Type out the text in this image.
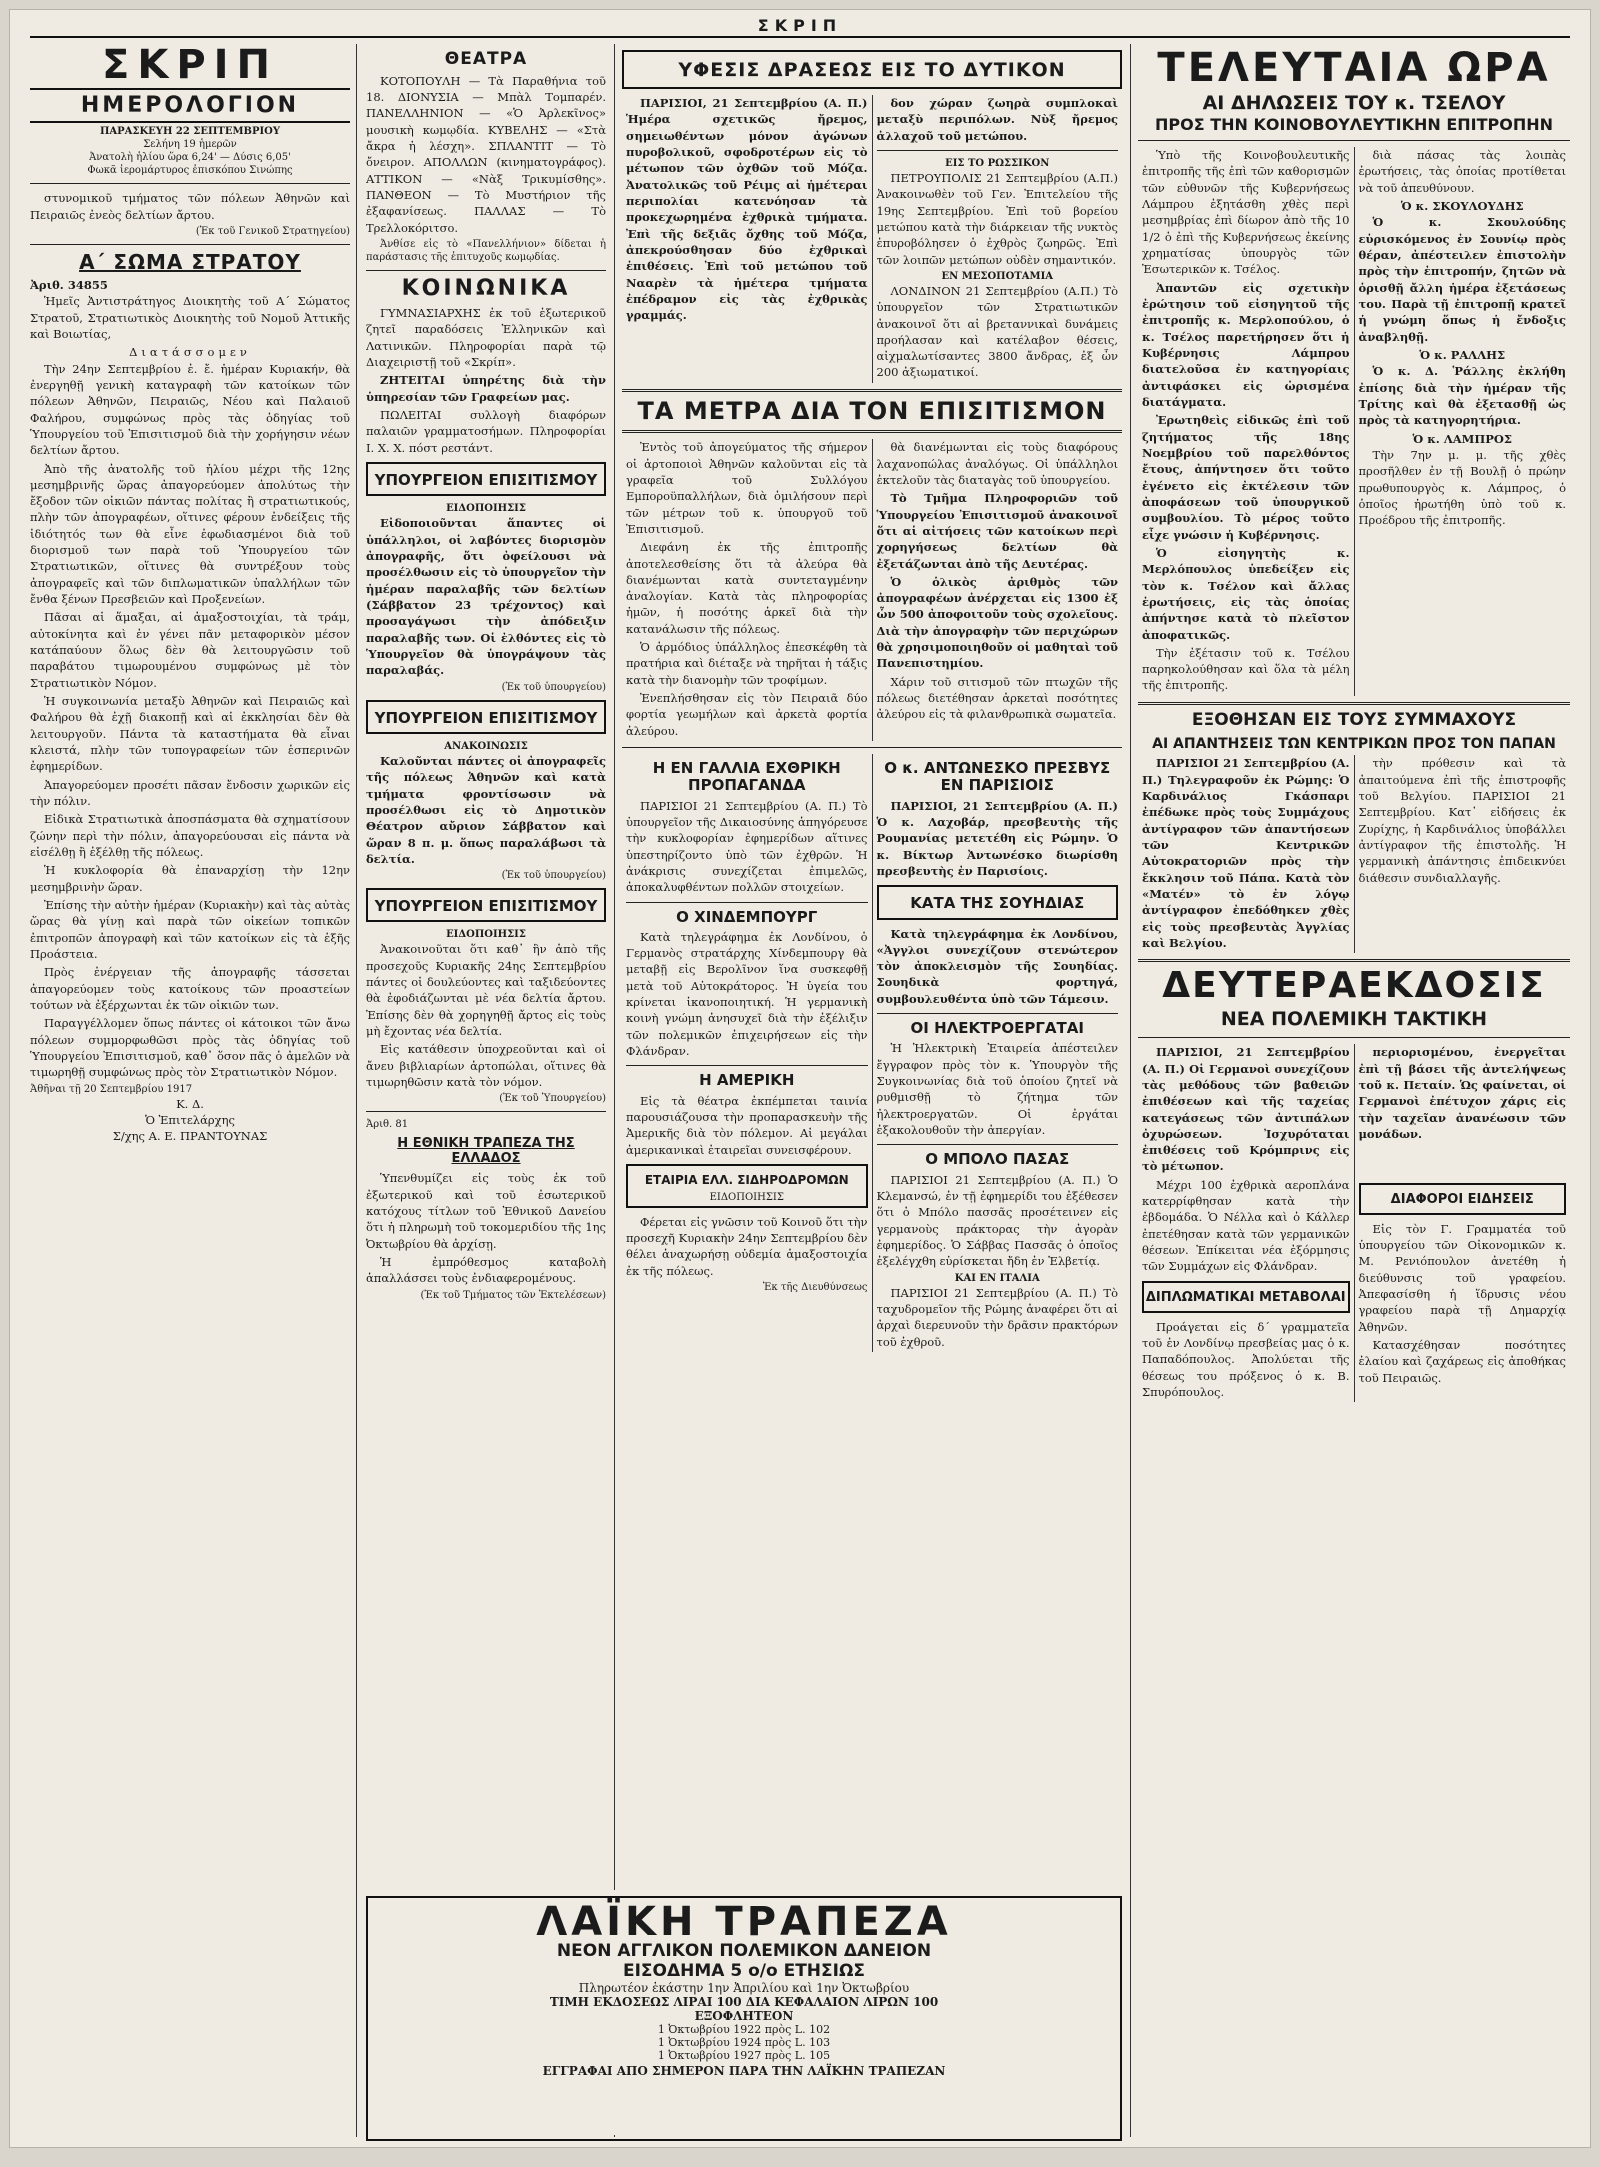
ΣΚΡΙΠ
ΣΚΡΙΠ
ΗΜΕΡΟΛΟΓΙΟΝ
ΠΑΡΑΣΚΕΥΗ 22 ΣΕΠΤΕΜΒΡΙΟΥ
Σελήνη 19 ἡμερῶν
Ἀνατολὴ ἡλίου ὥρα 6,24' — Δύσις 6,05'
Φωκᾶ ἱερομάρτυρος ἐπισκόπου Σινώπης

στυνομικοῦ τμήματος τῶν πόλεων Ἀθηνῶν καὶ Πειραιῶς ἐνεὸς δελτίων ἄρτου.

(Ἐκ τοῦ Γενικοῦ Στρατηγείου)
Α΄ ΣΩΜΑ ΣΤΡΑΤΟΥ
Ἀριθ. 34855

Ἡμεῖς Ἀντιστράτηγος Διοικητὴς τοῦ Α΄ Σώματος Στρατοῦ, Στρατιωτικὸς Διοικητὴς τοῦ Νομοῦ Ἀττικῆς καὶ Βοιωτίας,

Διατάσσομεν

Τὴν 24ην Σεπτεμβρίου ἐ. ἔ. ἡμέραν Κυριακήν, θὰ ἐνεργηθῇ γενικὴ καταγραφὴ τῶν κατοίκων τῶν πόλεων Ἀθηνῶν, Πειραιῶς, Νέου καὶ Παλαιοῦ Φαλήρου, συμφώνως πρὸς τὰς ὁδηγίας τοῦ Ὑπουργείου τοῦ Ἐπισιτισμοῦ διὰ τὴν χορήγησιν νέων δελτίων ἄρτου.

Ἀπὸ τῆς ἀνατολῆς τοῦ ἡλίου μέχρι τῆς 12ης μεσημβρινῆς ὥρας ἀπαγορεύομεν ἀπολύτως τὴν ἔξοδον τῶν οἰκιῶν πάντας πολίτας ἢ στρατιωτικούς, πλὴν τῶν ἀπογραφέων, οἵτινες φέρουν ἐνδείξεις τῆς ἰδιότητός των θὰ εἶνε ἐφωδιασμένοι διὰ τοῦ διορισμοῦ των παρὰ τοῦ Ὑπουργείου τῶν Στρατιωτικῶν, οἵτινες θὰ συντρέξουν τοὺς ἀπογραφεῖς καὶ τῶν διπλωματικῶν ὑπαλλήλων τῶν ἔνθα ξένων Πρεσβειῶν καὶ Προξενείων.

Πᾶσαι αἱ ἅμαξαι, αἱ ἁμαξοστοιχίαι, τὰ τράμ, αὐτοκίνητα καὶ ἐν γένει πᾶν μεταφορικὸν μέσον κατάπαύουν ὅλως δὲν θὰ λειτουργῶσιν τοῦ παραβάτου τιμωρουμένου συμφώνως μὲ τὸν Στρατιωτικὸν Νόμον.

Ἡ συγκοινωνία μεταξὺ Ἀθηνῶν καὶ Πειραιῶς καὶ Φαλήρου θὰ ἐχῇ διακοπῇ καὶ αἱ ἐκκλησίαι δὲν θὰ λειτουργοῦν. Πάντα τὰ καταστήματα θὰ εἶναι κλειστά, πλὴν τῶν τυπογραφείων τῶν ἑσπερινῶν ἐφημερίδων.

Ἀπαγορεύομεν προσέτι πᾶσαν ἔνδοσιν χωρικῶν εἰς τὴν πόλιν.

Εἰδικὰ Στρατιωτικὰ ἀποσπάσματα θὰ σχηματίσουν ζώνην περὶ τὴν πόλιν, ἀπαγορεύουσαι εἰς πάντα νὰ εἰσέλθῃ ἢ ἐξέλθῃ τῆς πόλεως.

Ἡ κυκλοφορία θὰ ἐπαναρχίσῃ τὴν 12ην μεσημβρινὴν ὥραν.

Ἐπίσης τὴν αὐτὴν ἡμέραν (Κυριακὴν) καὶ τὰς αὐτὰς ὥρας θὰ γίνῃ καὶ παρὰ τῶν οἰκείων τοπικῶν ἐπιτροπῶν ἀπογραφὴ καὶ τῶν κατοίκων εἰς τὰ ἑξῆς Προάστεια.

Πρὸς ἐνέργειαν τῆς ἀπογραφῆς τάσσεται ἀπαγορεύομεν τοὺς κατοίκους τῶν προαστείων τούτων νὰ ἐξέρχωνται ἐκ τῶν οἰκιῶν των.

Παραγγέλλομεν ὅπως πάντες οἱ κάτοικοι τῶν ἄνω πόλεων συμμορφωθῶσι πρὸς τὰς ὁδηγίας τοῦ Ὑπουργείου Ἐπισιτισμοῦ, καθ᾿ ὅσον πᾶς ὁ ἀμελῶν νὰ τιμωρηθῇ συμφώνως πρὸς τὸν Στρατιωτικὸν Νόμον.

Ἀθῆναι τῇ 20 Σεπτεμβρίου 1917
Κ. Δ.
Ὁ Ἐπιτελάρχης
Σ/χης Α. Ε. ΠΡΑΝΤΟΥΝΑΣ
ΘΕΑΤΡΑ

ΚΟΤΟΠΟΥΛΗ — Τὰ Παραθήνια τοῦ 18. ΔΙΟΝΥΣΙΑ — Μπὰλ Τομπαρέν. ΠΑΝΕΛΛΗΝΙΟΝ — «Ὁ Ἀρλεκῖνος» μουσικὴ κωμῳδία. ΚΥΒΕΛΗΣ — «Στὰ ἄκρα ἡ λέσχη». ΣΠΛΑΝΤΙΤ — Τὸ ὄνειρον. ΑΠΟΛΛΩΝ (κινηματογράφος). ΑΤΤΙΚΟΝ — «Νὰξ Τρικυμίσθης». ΠΑΝΘΕΟΝ — Τὸ Μυστήριον τῆς ἐξαφανίσεως. ΠΑΛΛΑΣ — Τὸ Τρελλοκόριτσο.

Ἀνθίσε εἰς τὸ «Πανελλήνιον» δίδεται ἡ παράστασις τῆς ἐπιτυχοῦς κωμῳδίας.

ΚΟΙΝΩΝΙΚΑ

ΓΥΜΝΑΣΙΑΡΧΗΣ ἐκ τοῦ ἐξωτερικοῦ ζητεῖ παραδόσεις Ἑλληνικῶν καὶ Λατινικῶν. Πληροφορίαι παρὰ τῷ Διαχειριστῇ τοῦ «Σκρίπ».

ΖΗΤΕΙΤΑΙ ὑπηρέτης διὰ τὴν ὑπηρεσίαν τῶν Γραφείων μας.

ΠΩΛΕΙΤΑΙ συλλογὴ διαφόρων παλαιῶν γραμματοσήμων. Πληροφορίαι Ι. Χ. Χ. πόστ ρεστάντ.

ΥΠΟΥΡΓΕΙΟΝ ΕΠΙΣΙΤΙΣΜΟΥ
ΕΙΔΟΠΟΙΗΣΙΣ

Εἰδοποιοῦνται ἅπαντες οἱ ὑπάλληλοι, οἱ λαβόντες διορισμὸν ἀπογραφῆς, ὅτι ὀφείλουσι νὰ προσέλθωσιν εἰς τὸ ὑπουργεῖον τὴν ἡμέραν παραλαβῆς τῶν δελτίων (Σάββατον 23 τρέχοντος) καὶ προσαγάγωσι τὴν ἀπόδειξιν παραλαβῆς των. Οἱ ἐλθόντες εἰς τὸ Ὑπουργεῖον θὰ ὑπογράψουν τὰς παραλαβάς.

(Ἐκ τοῦ ὑπουργείου)
ΥΠΟΥΡΓΕΙΟΝ ΕΠΙΣΙΤΙΣΜΟΥ
ΑΝΑΚΟΙΝΩΣΙΣ

Καλοῦνται πάντες οἱ ἀπογραφεῖς τῆς πόλεως Ἀθηνῶν καὶ κατὰ τμήματα φροντίσωσιν νὰ προσέλθωσι εἰς τὸ Δημοτικὸν Θέατρον αὔριον Σάββατον καὶ ὥραν 8 π. μ. ὅπως παραλάβωσι τὰ δελτία.

(Ἐκ τοῦ ὑπουργείου)
ΥΠΟΥΡΓΕΙΟΝ ΕΠΙΣΙΤΙΣΜΟΥ
ΕΙΔΟΠΟΙΗΣΙΣ

Ἀνακοινοῦται ὅτι καθ᾿ ἣν ἀπὸ τῆς προσεχοῦς Κυριακῆς 24ης Σεπτεμβρίου πάντες οἱ δουλεύοντες καὶ ταξιδεύοντες θὰ ἐφοδιάζωνται μὲ νέα δελτία ἄρτου. Ἐπίσης δὲν θὰ χορηγηθῇ ἄρτος εἰς τοὺς μὴ ἔχοντας νέα δελτία.

Εἰς κατάθεσιν ὑποχρεοῦνται καὶ οἱ ἄνευ βιβλιαρίων ἀρτοπώλαι, οἵτινες θὰ τιμωρηθῶσιν κατὰ τὸν νόμον.

(Ἐκ τοῦ Ὑπουργείου)
Ἀριθ. 81
Η ΕΘΝΙΚΗ ΤΡΑΠΕΖΑ ΤΗΣ ΕΛΛΑΔΟΣ

Ὑπενθυμίζει εἰς τοὺς ἐκ τοῦ ἐξωτερικοῦ καὶ τοῦ ἐσωτερικοῦ κατόχους τίτλων τοῦ Ἐθνικοῦ Δανείου ὅτι ἡ πληρωμὴ τοῦ τοκομεριδίου τῆς 1ης Ὀκτωβρίου θὰ ἀρχίσῃ.

Ἡ ἐμπρόθεσμος καταβολὴ ἀπαλλάσσει τοὺς ἐνδιαφερομένους.

(Ἐκ τοῦ Τμήματος τῶν Ἐκτελέσεων)
ΥΦΕΣΙΣ ΔΡΑΣΕΩΣ ΕΙΣ ΤΟ ΔΥΤΙΚΟΝ

ΠΑΡΙΣΙΟΙ, 21 Σεπτεμβρίου (Α. Π.) Ἡμέρα σχετικῶς ἤρεμος, σημειωθέντων μόνον ἀγώνων πυροβολικοῦ, σφοδροτέρων εἰς τὸ μέτωπον τῶν ὀχθῶν τοῦ Μόζα. Ἀνατολικῶς τοῦ Ρέιμς αἱ ἡμέτεραι περιπολίαι κατενόησαν τὰ προκεχωρημένα ἐχθρικὰ τμήματα. Ἐπὶ τῆς δεξιᾶς ὄχθης τοῦ Μόζα, ἀπεκρούσθησαν δύο ἐχθρικαὶ ἐπιθέσεις. Ἐπὶ τοῦ μετώπου τοῦ Νααρὲν τὰ ἡμέτερα τμήματα ἐπέδραμον εἰς τὰς ἐχθρικὰς γραμμάς.

δον χώραν ζωηρὰ συμπλοκαὶ μεταξὺ περιπόλων. Νὺξ ἤρεμος ἀλλαχοῦ τοῦ μετώπου.

ΕΙΣ ΤΟ ΡΩΣΣΙΚΟΝ

ΠΕΤΡΟΥΠΟΛΙΣ 21 Σεπτεμβρίου (Α.Π.) Ἀνακοινωθὲν τοῦ Γεν. Ἐπιτελείου τῆς 19ης Σεπτεμβρίου. Ἐπὶ τοῦ βορείου μετώπου κατὰ τὴν διάρκειαν τῆς νυκτὸς ἐπυροβόλησεν ὁ ἐχθρὸς ζωηρῶς. Ἐπὶ τῶν λοιπῶν μετώπων οὐδὲν σημαντικόν.

ΕΝ ΜΕΣΟΠΟΤΑΜΙΑ

ΛΟΝΔΙΝΟΝ 21 Σεπτεμβρίου (Α.Π.) Τὸ ὑπουργεῖον τῶν Στρατιωτικῶν ἀνακοινοῖ ὅτι αἱ βρεταννικαὶ δυνάμεις προήλασαν καὶ κατέλαβον θέσεις, αἰχμαλωτίσαντες 3800 ἄνδρας, ἐξ ὧν 200 ἀξιωματικοί.

ΤΑ ΜΕΤΡΑ ΔΙΑ ΤΟΝ ΕΠΙΣΙΤΙΣΜΟΝ

Ἐντὸς τοῦ ἀπογεύματος τῆς σήμερον οἱ ἀρτοποιοὶ Ἀθηνῶν καλοῦνται εἰς τὰ γραφεῖα τοῦ Συλλόγου Εμποροϋπαλλήλων, διὰ ὁμιλήσουν περὶ τῶν μέτρων τοῦ κ. ὑπουργοῦ τοῦ Ἐπισιτισμοῦ.

Διεφάνη ἐκ τῆς ἐπιτροπῆς ἀποτελεσθείσης ὅτι τὰ ἀλεύρα θὰ διανέμωνται κατὰ συντεταγμένην ἀναλογίαν. Κατὰ τὰς πληροφορίας ἡμῶν, ἡ ποσότης ἀρκεῖ διὰ τὴν κατανάλωσιν τῆς πόλεως.

Ὁ ἁρμόδιος ὑπάλληλος ἐπεσκέφθη τὰ πρατήρια καὶ διέταξε νὰ τηρῆται ἡ τάξις κατὰ τὴν διανομὴν τῶν τροφίμων.

Ἐνεπλήσθησαν εἰς τὸν Πειραιᾶ δύο φορτία γεωμήλων καὶ ἀρκετὰ φορτία ἀλεύρου.

θὰ διανέμωνται εἰς τοὺς διαφόρους λαχανοπώλας ἀναλόγως. Οἱ ὑπάλληλοι ἐκτελοῦν τὰς διαταγὰς τοῦ ὑπουργείου.

Τὸ Τμῆμα Πληροφοριῶν τοῦ Ὑπουργείου Ἐπισιτισμοῦ ἀνακοινοῖ ὅτι αἱ αἰτήσεις τῶν κατοίκων περὶ χορηγήσεως δελτίων θὰ ἐξετάζωνται ἀπὸ τῆς Δευτέρας.

Ὁ ὁλικὸς ἀριθμὸς τῶν ἀπογραφέων ἀνέρχεται εἰς 1300 ἐξ ὧν 500 ἀποφοιτοῦν τοὺς σχολεῖους. Διὰ τὴν ἀπογραφὴν τῶν περιχώρων θὰ χρησιμοποιηθοῦν οἱ μαθηταὶ τοῦ Πανεπιστημίου.

Χάριν τοῦ σιτισμοῦ τῶν πτωχῶν τῆς πόλεως διετέθησαν ἀρκεταὶ ποσότητες ἀλεύρου εἰς τὰ φιλανθρωπικὰ σωματεῖα.

Η ΕΝ ΓΑΛΛΙΑ ΕΧΘΡΙΚΗ ΠΡΟΠΑΓΑΝΔΑ

ΠΑΡΙΣΙΟΙ 21 Σεπτεμβρίου (Α. Π.) Τὸ ὑπουργεῖον τῆς Δικαιοσύνης ἀπηγόρευσε τὴν κυκλοφορίαν ἐφημερίδων αἵτινες ὑπεστηρίζοντο ὑπὸ τῶν ἐχθρῶν. Ἡ ἀνάκρισις συνεχίζεται ἐπιμελῶς, ἀποκαλυφθέντων πολλῶν στοιχείων.

Ο ΧΙΝΔΕΜΠΟΥΡΓ

Κατὰ τηλεγράφημα ἐκ Λονδίνου, ὁ Γερμανὸς στρατάρχης Χίνδεμπουργ θὰ μεταβῇ εἰς Βερολῖνον ἵνα συσκεφθῇ μετὰ τοῦ Αὐτοκράτορος. Ἡ ὑγεία του κρίνεται ἱκανοποιητική. Ἡ γερμανικὴ κοινὴ γνώμη ἀνησυχεῖ διὰ τὴν ἐξέλιξιν τῶν πολεμικῶν ἐπιχειρήσεων εἰς τὴν Φλάνδραν.

Η ΑΜΕΡΙΚΗ

Εἰς τὰ θέατρα ἐκπέμπεται ταινία παρουσιάζουσα τὴν προπαρασκευὴν τῆς Ἀμερικῆς διὰ τὸν πόλεμον. Αἱ μεγάλαι ἀμερικανικαὶ ἐταιρεῖαι συνεισφέρουν.

ΕΤΑΙΡΙΑ ΕΛΛ. ΣΙΔΗΡΟΔΡΟΜΩΝ
ΕΙΔΟΠΟΙΗΣΙΣ

Φέρεται εἰς γνῶσιν τοῦ Κοινοῦ ὅτι τὴν προσεχῆ Κυριακὴν 24ην Σεπτεμβρίου δὲν θέλει ἀναχωρήσῃ οὐδεμία ἁμαξοστοιχία ἐκ τῆς πόλεως.

Ἐκ τῆς Διευθύνσεως
Ο κ. ΑΝΤΩΝΕΣΚΟ ΠΡΕΣΒΥΣ ΕΝ ΠΑΡΙΣΙΟΙΣ

ΠΑΡΙΣΙΟΙ, 21 Σεπτεμβρίου (Α. Π.) Ὁ κ. Λαχοβάρ, πρεσβευτὴς τῆς Ρουμανίας μετετέθη εἰς Ρώμην. Ὁ κ. Βίκτωρ Ἀντωνέσκο διωρίσθη πρεσβευτὴς ἐν Παρισίοις.

ΚΑΤΑ ΤΗΣ ΣΟΥΗΔΙΑΣ

Κατὰ τηλεγράφημα ἐκ Λονδίνου, «Ἀγγλοι συνεχίζουν στενώτερον τὸν ἀποκλεισμὸν τῆς Σουηδίας. Σουηδικὰ φορτηγά, συμβουλευθέντα ὑπὸ τῶν Τάμεσιν.

ΟΙ ΗΛΕΚΤΡΟΕΡΓΑΤΑΙ

Ἡ Ἠλεκτρικὴ Ἑταιρεία ἀπέστειλεν ἔγγραφον πρὸς τὸν κ. Ὑπουργὸν τῆς Συγκοινωνίας διὰ τοῦ ὁποίου ζητεῖ νὰ ρυθμισθῇ τὸ ζήτημα τῶν ἠλεκτροεργατῶν. Οἱ ἐργάται ἐξακολουθοῦν τὴν ἀπεργίαν.

Ο ΜΠΟΛΟ ΠΑΣΑΣ

ΠΑΡΙΣΙΟΙ 21 Σεπτεμβρίου (Α. Π.) Ὁ Κλεμανσώ, ἐν τῇ ἐφημερίδι του ἐξέθεσεν ὅτι ὁ Μπόλο πασσᾶς προσέτεινεν εἰς γερμανοὺς πράκτορας τὴν ἀγορὰν ἐφημερίδος. Ὁ Σάββας Πασσᾶς ὁ ὁποῖος ἐξελέγχθη εὑρίσκεται ἤδη ἐν Ἑλβετίᾳ.

ΚΑΙ ΕΝ ΙΤΑΛΙΑ

ΠΑΡΙΣΙΟΙ 21 Σεπτεμβρίου (Α. Π.) Τὸ ταχυδρομεῖον τῆς Ρώμης ἀναφέρει ὅτι αἱ ἀρχαὶ διερευνοῦν τὴν δρᾶσιν πρακτόρων τοῦ ἐχθροῦ.

ΛΑΪΚΗ ΤΡΑΠΕΖΑ
ΝΕΟΝ ΑΓΓΛΙΚΟΝ ΠΟΛΕΜΙΚΟΝ ΔΑΝΕΙΟΝ
ΕΙΣΟΔΗΜΑ 5 ο/ο ΕΤΗΣΙΩΣ
Πληρωτέον ἑκάστην 1ην Ἀπριλίου καὶ 1ην Ὀκτωβρίου
ΤΙΜΗ ΕΚΔΟΣΕΩΣ ΛΙΡΑΙ 100 ΔΙΑ ΚΕΦΑΛΑΙΟΝ ΛΙΡΩΝ 100
ΕΞΟΦΛΗΤΕΟΝ
1 Ὀκτωβρίου 1922 πρὸς L. 102
1 Ὀκτωβρίου 1924 πρὸς L. 103
1 Ὀκτωβρίου 1927 πρὸς L. 105
ΕΓΓΡΑΦΑΙ ΑΠΟ ΣΗΜΕΡΟΝ ΠΑΡΑ ΤΗΝ ΛΑΪΚΗΝ ΤΡΑΠΕΖΑΝ
ΤΕΛΕΥΤΑΙΑ ΩΡΑ
ΑΙ ΔΗΛΩΣΕΙΣ ΤΟΥ κ. ΤΣΕΛΟΥ
ΠΡΟΣ ΤΗΝ ΚΟΙΝΟΒΟΥΛΕΥΤΙΚΗΝ ΕΠΙΤΡΟΠΗΝ

Ὑπὸ τῆς Κοινοβουλευτικῆς ἐπιτροπῆς τῆς ἐπὶ τῶν καθορισμῶν τῶν εὐθυνῶν τῆς Κυβερνήσεως Λάμπρου ἐξητάσθη χθὲς περὶ μεσημβρίας ἐπὶ δίωρον ἀπὸ τῆς 10 1/2 ὁ ἐπὶ τῆς Κυβερνήσεως ἐκείνης χρηματίσας ὑπουργὸς τῶν Ἐσωτερικῶν κ. Τσέλος.

Ἀπαντῶν εἰς σχετικὴν ἐρώτησιν τοῦ εἰσηγητοῦ τῆς ἐπιτροπῆς κ. Μερλοπούλου, ὁ κ. Τσέλος παρετήρησεν ὅτι ἡ Κυβέρνησις Λάμπρου διατελοῦσα ἐν κατηγορίαις ἀντιφάσκει εἰς ὡρισμένα διατάγματα.

Ἐρωτηθεὶς εἰδικῶς ἐπὶ τοῦ ζητήματος τῆς 18ης Νοεμβρίου τοῦ παρελθόντος ἔτους, ἀπήντησεν ὅτι τοῦτο ἐγένετο εἰς ἐκτέλεσιν τῶν ἀποφάσεων τοῦ ὑπουργικοῦ συμβουλίου. Τὸ μέρος τοῦτο εἶχε γνώσιν ἡ Κυβέρνησις.

Ὁ εἰσηγητὴς κ. Μερλόπουλος ὑπεδείξεν εἰς τὸν κ. Τσέλον καὶ ἄλλας ἐρωτήσεις, εἰς τὰς ὁποίας ἀπήντησε κατὰ τὸ πλεῖστον ἀποφατικῶς.

Τὴν ἐξέτασιν τοῦ κ. Τσέλου παρηκολούθησαν καὶ ὅλα τὰ μέλη τῆς ἐπιτροπῆς.

διὰ πάσας τὰς λοιπὰς ἐρωτήσεις, τὰς ὁποίας προτίθεται νὰ τοῦ ἀπευθύνουν.

Ὁ κ. ΣΚΟΥΛΟΥΔΗΣ

Ὁ κ. Σκουλούδης εὑρισκόμενος ἐν Σουνίῳ πρὸς θέραν, ἀπέστειλεν ἐπιστολὴν πρὸς τὴν ἐπιτροπήν, ζητῶν νὰ ὁρισθῇ ἄλλη ἡμέρα ἐξετάσεως του. Παρὰ τῇ ἐπιτροπῇ κρατεῖ ἡ γνώμη ὅπως ἡ ἔνδοξις ἀναβληθῇ.

Ὁ κ. ΡΑΛΛΗΣ

Ὁ κ. Δ. Ῥάλλης ἐκλήθη ἐπίσης διὰ τὴν ἡμέραν τῆς Τρίτης καὶ θὰ ἐξετασθῇ ὡς πρὸς τὰ κατηγορητήρια.

Ὁ κ. ΛΑΜΠΡΟΣ

Τὴν 7ην μ. μ. τῆς χθὲς προσῆλθεν ἐν τῇ Βουλῇ ὁ πρώην πρωθυπουργὸς κ. Λάμπρος, ὁ ὁποῖος ἠρωτήθη ὑπὸ τοῦ κ. Προέδρου τῆς ἐπιτροπῆς.

ΕΞΟΘΗΣΑΝ ΕΙΣ ΤΟΥΣ ΣΥΜΜΑΧΟΥΣ
ΑΙ ΑΠΑΝΤΗΣΕΙΣ ΤΩΝ ΚΕΝΤΡΙΚΩΝ ΠΡΟΣ ΤΟΝ ΠΑΠΑΝ

ΠΑΡΙΣΙΟΙ 21 Σεπτεμβρίου (Α. Π.) Τηλεγραφοῦν ἐκ Ρώμης: Ὁ Καρδινάλιος Γκάσπαρι ἐπέδωκε πρὸς τοὺς Συμμάχους ἀντίγραφον τῶν ἀπαντήσεων τῶν Κεντρικῶν Αὐτοκρατοριῶν πρὸς τὴν ἔκκλησιν τοῦ Πάπα. Κατὰ τὸν «Ματέν» τὸ ἐν λόγῳ ἀντίγραφον ἐπεδόθηκεν χθὲς εἰς τοὺς πρεσβευτὰς Ἀγγλίας καὶ Βελγίου.

τὴν πρόθεσιν καὶ τὰ ἀπαιτούμενα ἐπὶ τῆς ἐπιστροφῆς τοῦ Βελγίου. ΠΑΡΙΣΙΟΙ 21 Σεπτεμβρίου. Κατ᾿ εἰδήσεις ἐκ Ζυρίχης, ἡ Καρδινάλιος ὑποβάλλει ἀντίγραφον τῆς ἐπιστολῆς. Ἡ γερμανικὴ ἀπάντησις ἐπιδεικνύει διάθεσιν συνδιαλλαγῆς.

ΔΕΥΤΕΡΑΕΚΔΟΣΙΣ
ΝΕΑ ΠΟΛΕΜΙΚΗ ΤΑΚΤΙΚΗ

ΠΑΡΙΣΙΟΙ, 21 Σεπτεμβρίου (Α. Π.) Οἱ Γερμανοὶ συνεχίζουν τὰς μεθόδους τῶν βαθειῶν ἐπιθέσεων καὶ τῆς ταχείας κατεγάσεως τῶν ἀντιπάλων ὀχυρώσεων. Ἰσχυρόταται ἐπιθέσεις τοῦ Κρόμπρινς εἰς τὸ μέτωπον.

περιορισμένου, ἐνεργεῖται ἐπὶ τῇ βάσει τῆς ἀντελήψεως τοῦ κ. Πεταίν. Ὡς φαίνεται, οἱ Γερμανοὶ ἐπέτυχον χάρις εἰς τὴν ταχεῖαν ἀνανέωσιν τῶν μονάδων.

Μέχρι 100 ἐχθρικὰ αεροπλάνα κατερρίφθησαν κατὰ τὴν ἐβδομάδα. Ὁ Νέλλα καὶ ὁ Κάλλερ ἐπετέθησαν κατὰ τῶν γερμανικῶν θέσεων. Ἐπίκειται νέα ἐξόρμησις τῶν Συμμάχων εἰς Φλάνδραν.

ΔΙΠΛΩΜΑΤΙΚΑΙ ΜΕΤΑΒΟΛΑΙ

Προάγεται εἰς δ΄ γραμματεῖα τοῦ ἐν Λονδίνῳ πρεσβείας μας ὁ κ. Παπαδόπουλος. Ἀπολύεται τῆς θέσεως του πρόξενος ὁ κ. Β. Σπυρόπουλος.

ΔΙΑΦΟΡΟΙ ΕΙΔΗΣΕΙΣ

Εἰς τὸν Γ. Γραμματέα τοῦ ὑπουργείου τῶν Οἰκονομικῶν κ. Μ. Ρενιόπουλον ἀνετέθη ἡ διεύθυνσις τοῦ γραφείου. Ἀπεφασίσθη ἡ ἵδρυσις νέου γραφείου παρὰ τῇ Δημαρχίᾳ Ἀθηνῶν.

Κατασχέθησαν ποσότητες ἐλαίου καὶ ζαχάρεως εἰς ἀποθήκας τοῦ Πειραιῶς.
